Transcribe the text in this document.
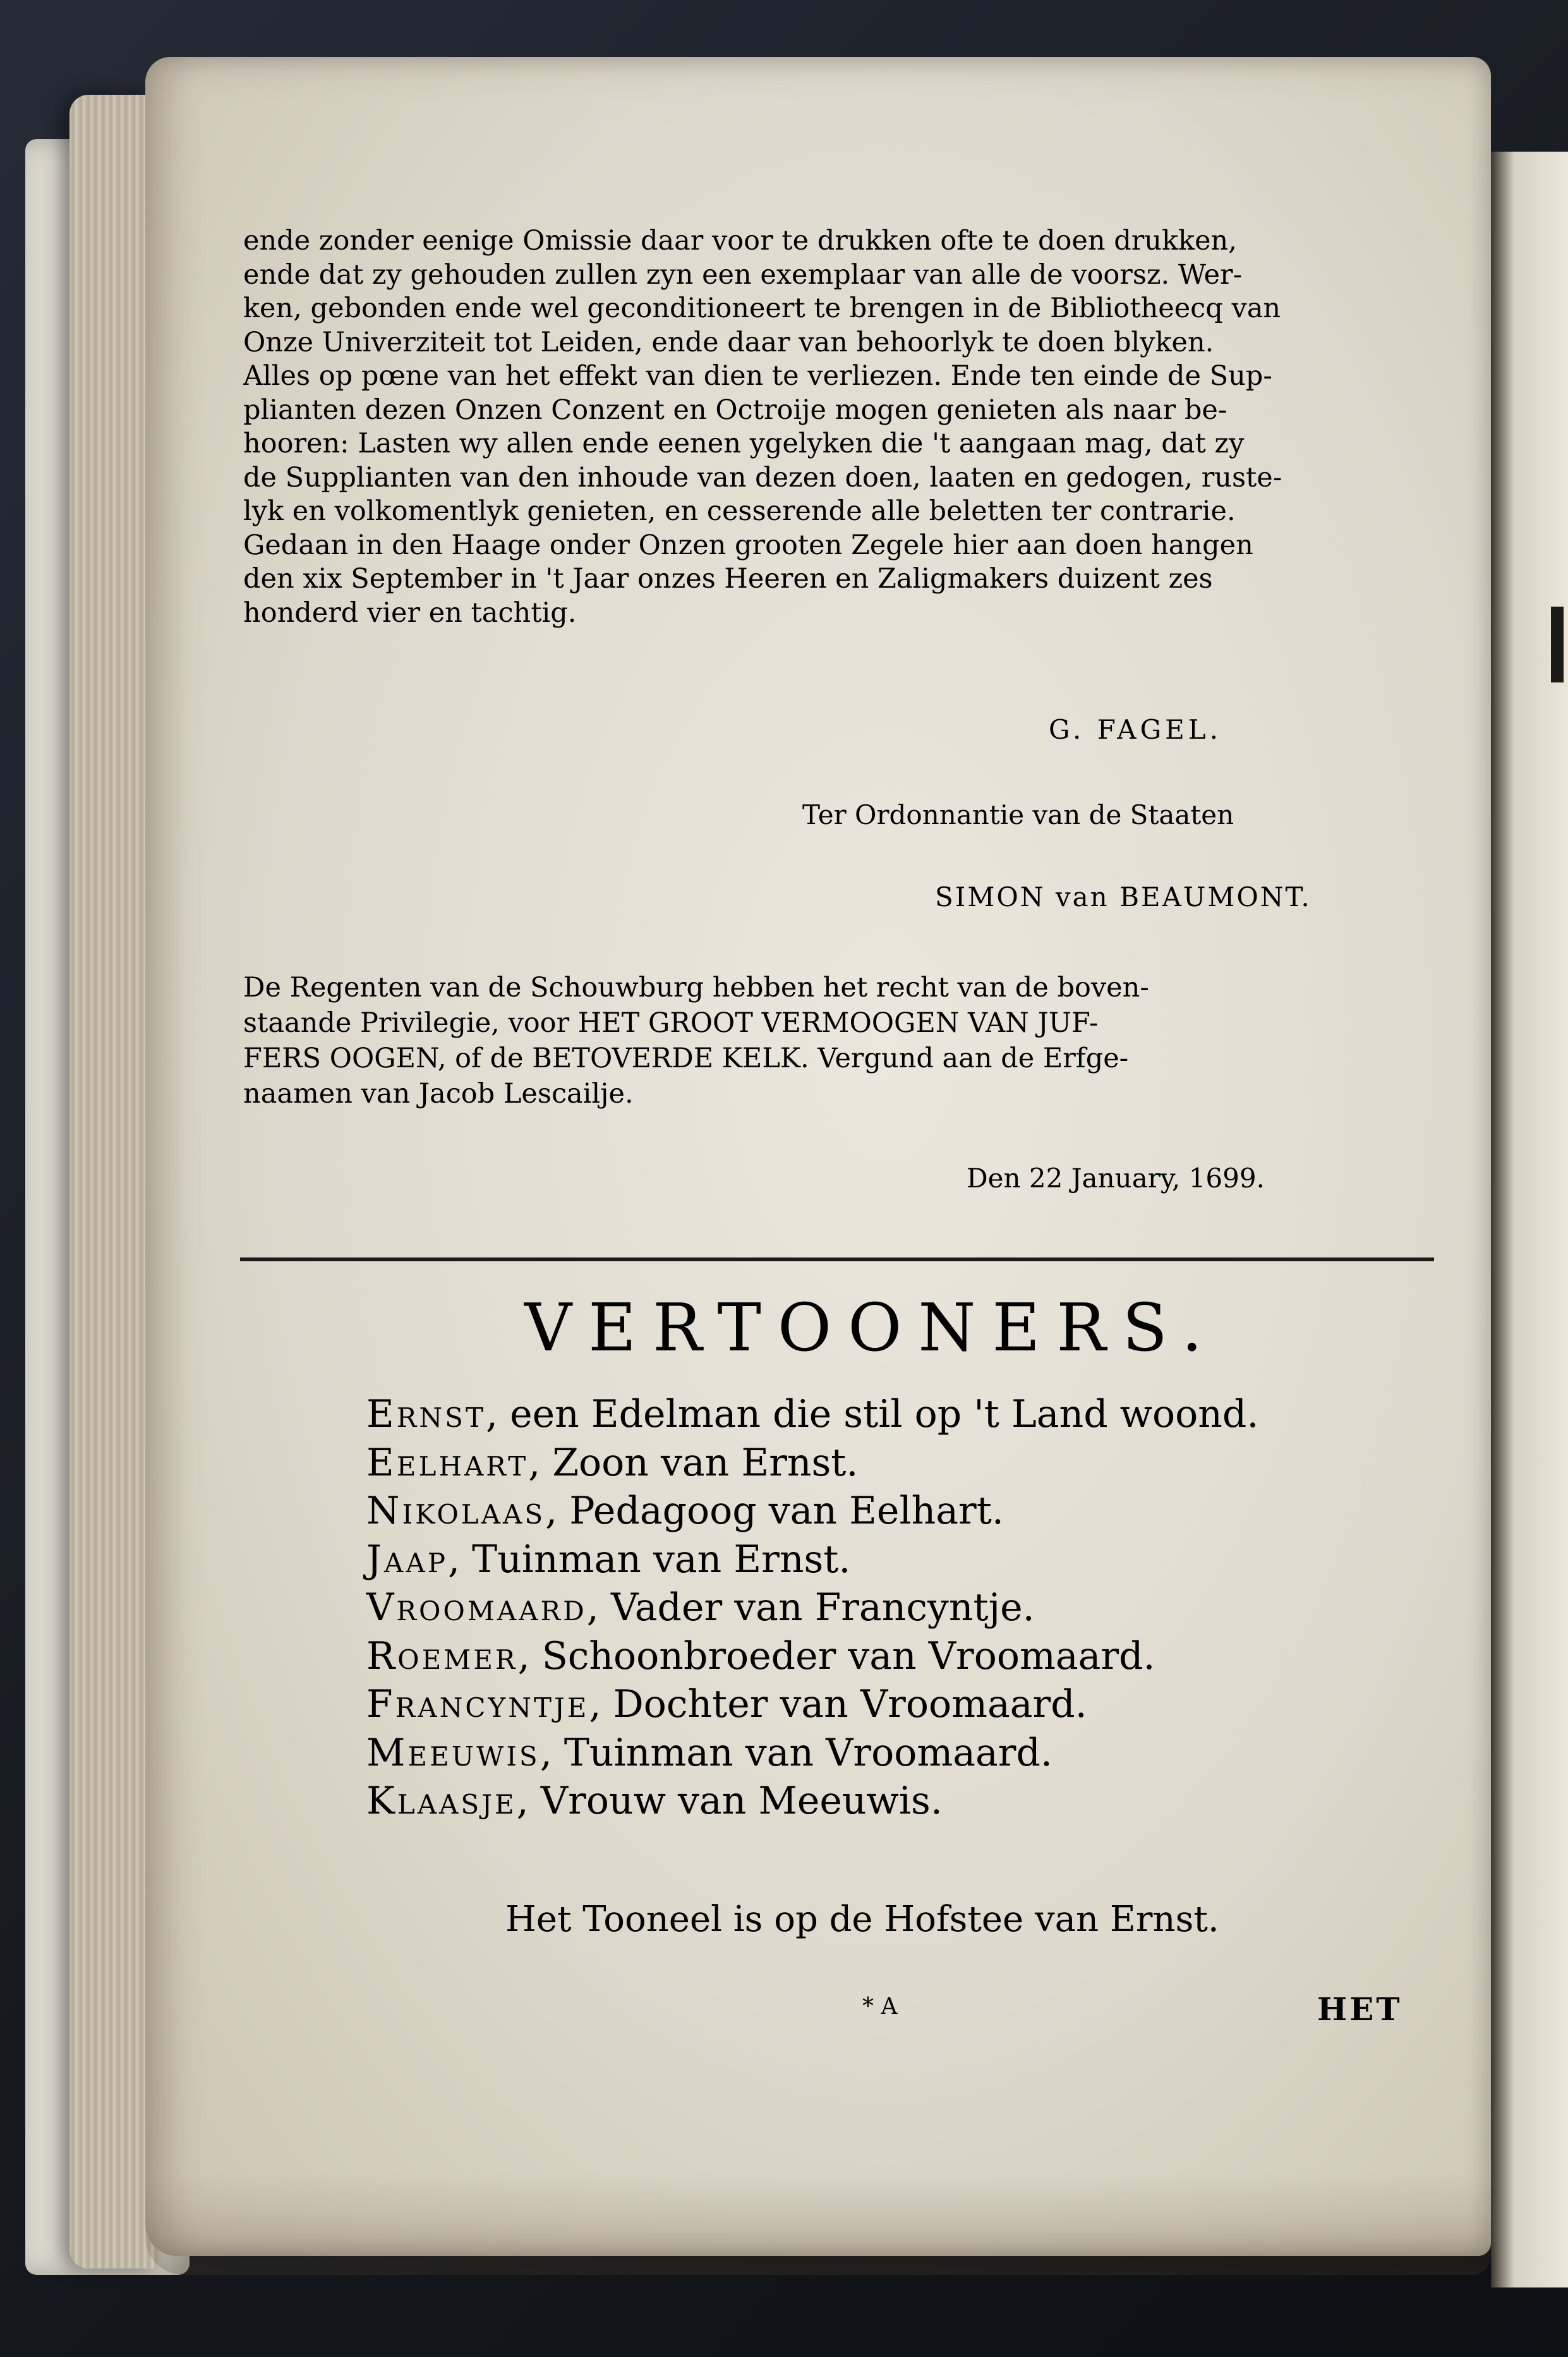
ende zonder eenige Omissie daar voor te drukken ofte te doen drukken,
ende dat zy gehouden zullen zyn een exemplaar van alle de voorsz. Wer-
ken, gebonden ende wel geconditioneert te brengen in de Bibliotheecq van
Onze Univerziteit tot Leiden, ende daar van behoorlyk te doen blyken.
Alles op pœne van het effekt van dien te verliezen. Ende ten einde de Sup-
plianten dezen Onzen Conzent en Octroije mogen genieten als naar be-
hooren: Lasten wy allen ende eenen ygelyken die 't aangaan mag, dat zy
de Supplianten van den inhoude van dezen doen, laaten en gedogen, ruste-
lyk en volkomentlyk genieten, en cesserende alle beletten ter contrarie.
Gedaan in den Haage onder Onzen grooten Zegele hier aan doen hangen
den xix September in 't Jaar onzes Heeren en Zaligmakers duizent zes
honderd vier en tachtig.
G. FAGEL.
Ter Ordonnantie van de Staaten
SIMON van BEAUMONT.
De Regenten van de Schouwburg hebben het recht van de boven-
staande Privilegie, voor HET GROOT VERMOOGEN VAN JUF-
FERS OOGEN, of de BETOVERDE KELK. Vergund aan de Erfge-
naamen van Jacob Lescailje.
Den 22 January, 1699.
VERTOONERS.
Ernst, een Edelman die stil op 't Land woond.
Eelhart, Zoon van Ernst.
Nikolaas, Pedagoog van Eelhart.
Jaap, Tuinman van Ernst.
Vroomaard, Vader van Francyntje.
Roemer, Schoonbroeder van Vroomaard.
Francyntje, Dochter van Vroomaard.
Meeuwis, Tuinman van Vroomaard.
Klaasje, Vrouw van Meeuwis.
Het Tooneel is op de Hofstee van Ernst.
* A	HET
